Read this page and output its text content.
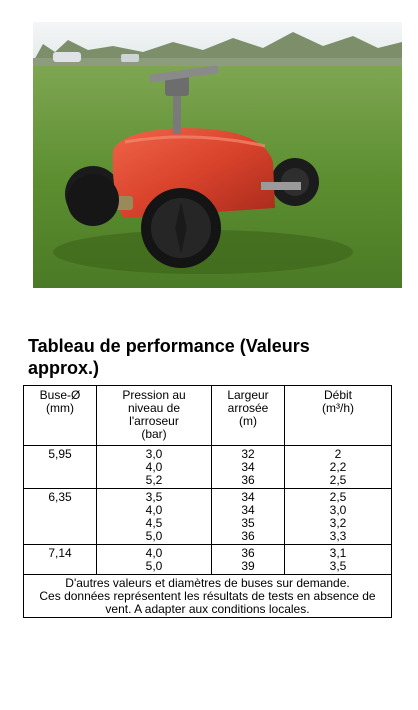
Tableau de performance (Valeurs approx.)
Buse-Ø
(mm)	Pression au
niveau de
l'arroseur
(bar)	Largeur
arrosée
(m)	Débit
(m³/h)

5,95	3,0
4,0
5,2	32
34
36	2
2,2
2,5

6,35	3,5
4,0
4,5
5,0	34
34
35
36	2,5
3,0
3,2
3,3

7,14	4,0
5,0	36
39	3,1
3,5

D'autres valeurs et diamètres de buses sur demande.
Ces données représentent les résultats de tests en absence de
vent. A adapter aux conditions locales.			
